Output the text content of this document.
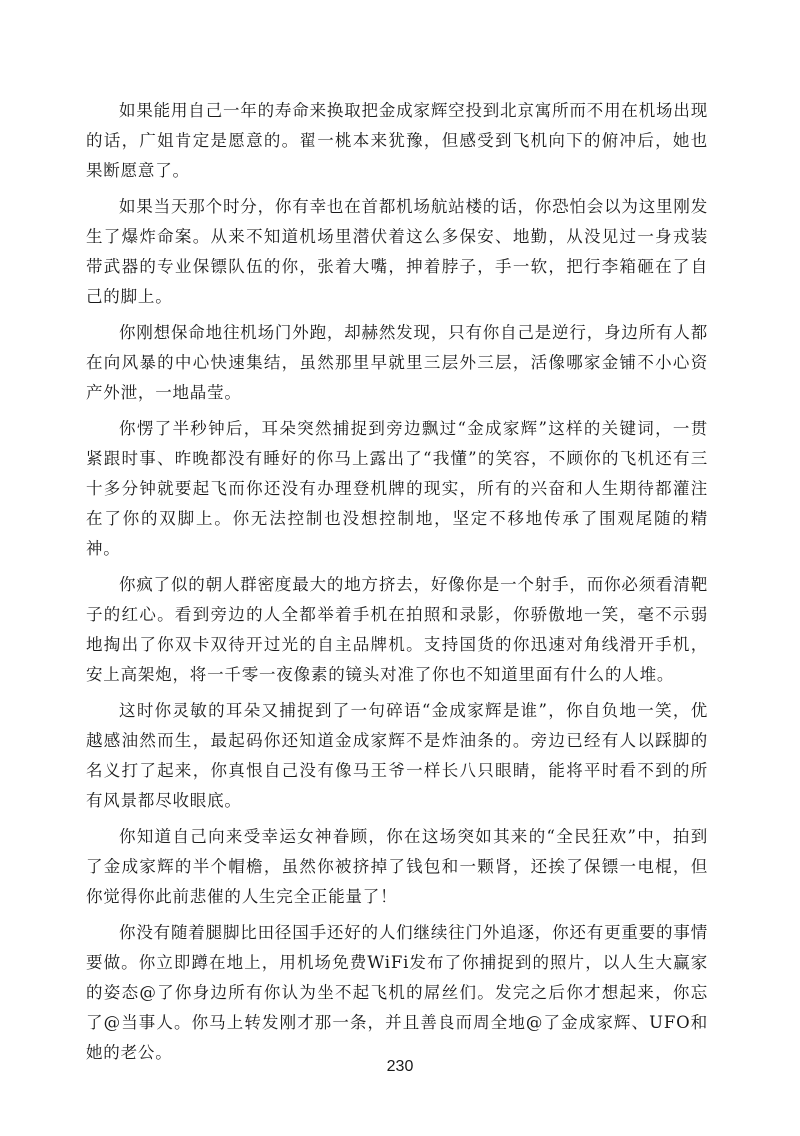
如果能用自己一年的寿命来换取把金成家辉空投到北京寓所而不用在机场出现的话，广姐肯定是愿意的。翟一桃本来犹豫，但感受到飞机向下的俯冲后，她也果断愿意了。

如果当天那个时分，你有幸也在首都机场航站楼的话，你恐怕会以为这里刚发生了爆炸命案。从来不知道机场里潜伏着这么多保安、地勤，从没见过一身戎装带武器的专业保镖队伍的你，张着大嘴，抻着脖子，手一软，把行李箱砸在了自己的脚上。

你刚想保命地往机场门外跑，却赫然发现，只有你自己是逆行，身边所有人都在向风暴的中心快速集结，虽然那里早就里三层外三层，活像哪家金铺不小心资产外泄，一地晶莹。

你愣了半秒钟后，耳朵突然捕捉到旁边飘过“金成家辉”这样的关键词，一贯紧跟时事、昨晚都没有睡好的你马上露出了“我懂”的笑容，不顾你的飞机还有三十多分钟就要起飞而你还没有办理登机牌的现实，所有的兴奋和人生期待都灌注在了你的双脚上。你无法控制也没想控制地，坚定不移地传承了围观尾随的精神。

你疯了似的朝人群密度最大的地方挤去，好像你是一个射手，而你必须看清靶子的红心。看到旁边的人全都举着手机在拍照和录影，你骄傲地一笑，毫不示弱地掏出了你双卡双待开过光的自主品牌机。支持国货的你迅速对角线滑开手机，安上高架炮，将一千零一夜像素的镜头对准了你也不知道里面有什么的人堆。

这时你灵敏的耳朵又捕捉到了一句碎语“金成家辉是谁”，你自负地一笑，优越感油然而生，最起码你还知道金成家辉不是炸油条的。旁边已经有人以踩脚的名义打了起来，你真恨自己没有像马王爷一样长八只眼睛，能将平时看不到的所有风景都尽收眼底。

你知道自己向来受幸运女神眷顾，你在这场突如其来的“全民狂欢”中，拍到了金成家辉的半个帽檐，虽然你被挤掉了钱包和一颗肾，还挨了保镖一电棍，但你觉得你此前悲催的人生完全正能量了！

你没有随着腿脚比田径国手还好的人们继续往门外追逐，你还有更重要的事情要做。你立即蹲在地上，用机场免费WiFi发布了你捕捉到的照片，以人生大赢家的姿态@了你身边所有你认为坐不起飞机的屌丝们。发完之后你才想起来，你忘了@当事人。你马上转发刚才那一条，并且善良而周全地@了金成家辉、UFO和她的老公。

230
